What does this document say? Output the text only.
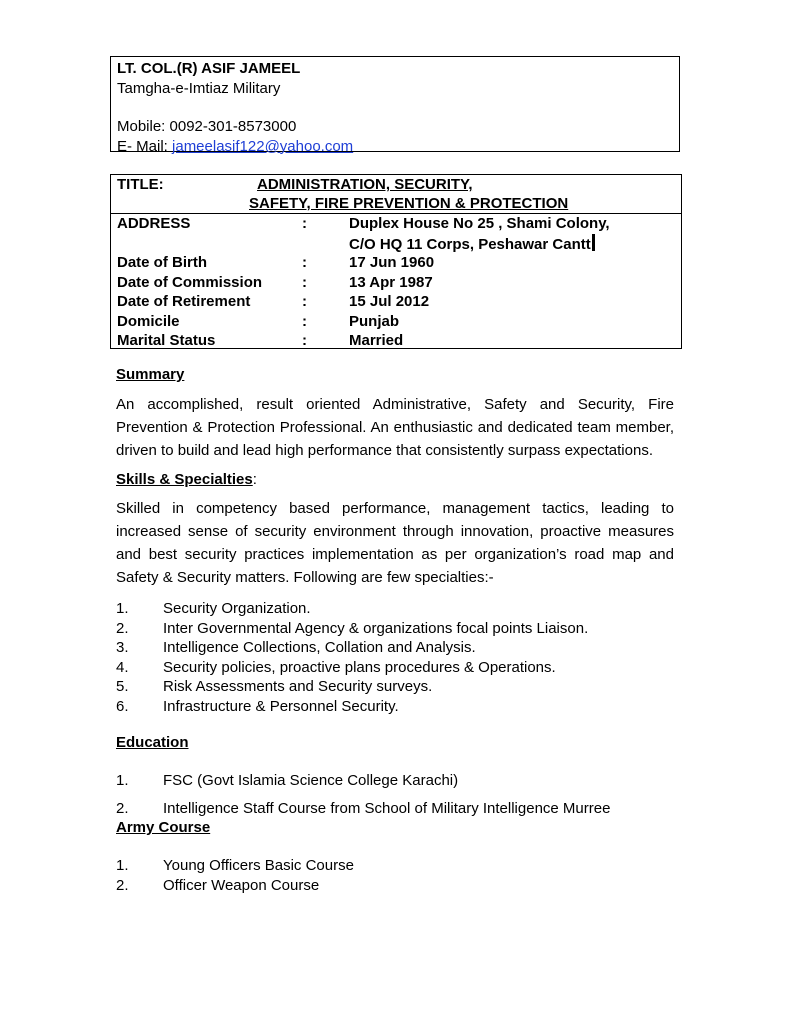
LT. COL.(R) ASIF JAMEEL
Tamgha-e-Imtiaz Military
Mobile: 0092-301-8573000
E- Mail: jameelasif122@yahoo.com
TITLE:	ADMINISTRATION, SECURITY,
SAFETY, FIRE PREVENTION & PROTECTION
ADDRESS	:	Duplex House No 25 , Shami Colony,
C/O HQ 11 Corps, Peshawar Cantt
Date of Birth	:	17 Jun 1960
Date of Commission	:	13 Apr 1987
Date of Retirement	:	15 Jul 2012
Domicile	:	Punjab
Marital Status	:	Married
Summary

An accomplished, result oriented Administrative, Safety and Security, Fire Prevention & Protection Professional. An enthusiastic and dedicated team member, driven to build and lead high performance that consistently surpass expectations.

Skills & Specialties:

Skilled in competency based performance, management tactics, leading to increased sense of security environment through innovation, proactive measures and best security practices implementation as per organization’s road map and Safety & Security matters. Following are few specialties:-

1. Security Organization.
2. Inter Governmental Agency & organizations focal points Liaison.
3. Intelligence Collections, Collation and Analysis.
4. Security policies, proactive plans procedures & Operations.
5. Risk Assessments and Security surveys.
6. Infrastructure & Personnel Security.
Education
1. FSC (Govt Islamia Science College Karachi)
2. Intelligence Staff Course from School of Military Intelligence Murree
Army Course
1. Young Officers Basic Course
2. Officer Weapon Course
